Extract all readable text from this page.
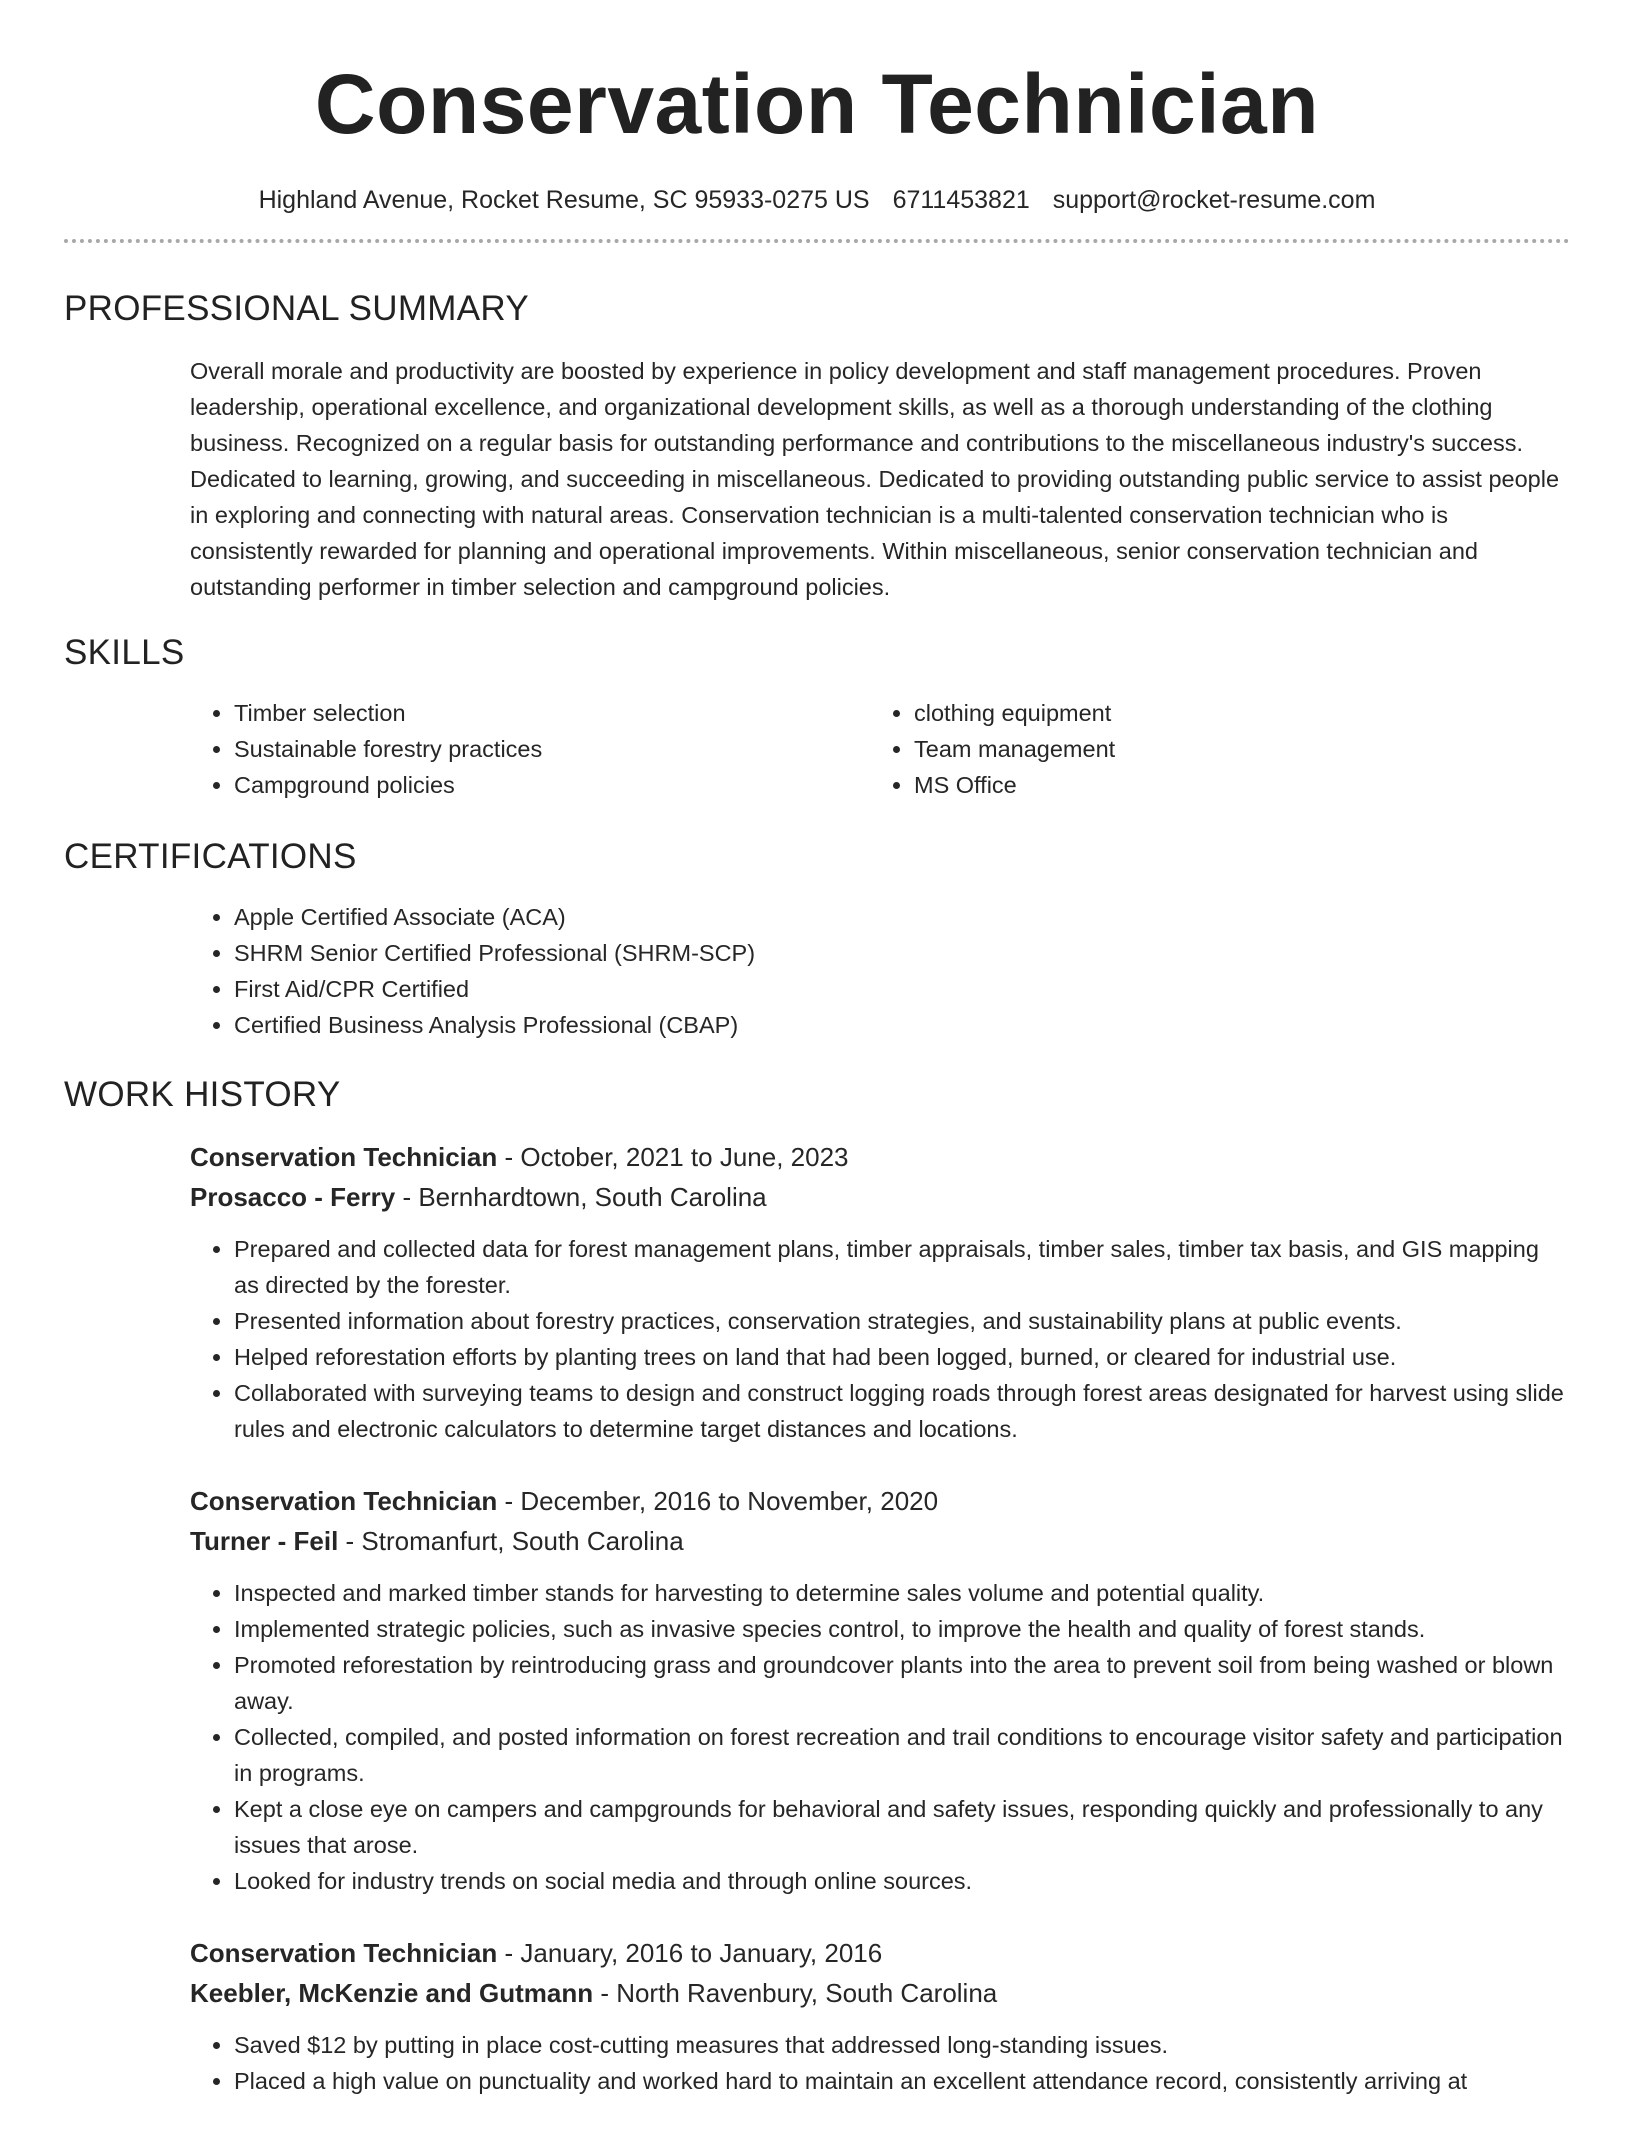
Conservation Technician
Highland Avenue, Rocket Resume, SC 95933-0275 US 6711453821 support@rocket-resume.com
PROFESSIONAL SUMMARY

Overall morale and productivity are boosted by experience in policy development and staff management procedures. Proven leadership, operational excellence, and organizational development skills, as well as a thorough understanding of the clothing business. Recognized on a regular basis for outstanding performance and contributions to the miscellaneous industry's success. Dedicated to learning, growing, and succeeding in miscellaneous. Dedicated to providing outstanding public service to assist people in exploring and connecting with natural areas. Conservation technician is a multi-talented conservation technician who is consistently rewarded for planning and operational improvements. Within miscellaneous, senior conservation technician and outstanding performer in timber selection and campground policies.

SKILLS
• Timber selection
• Sustainable forestry practices
• Campground policies
• clothing equipment
• Team management
• MS Office
CERTIFICATIONS
• Apple Certified Associate (ACA)
• SHRM Senior Certified Professional (SHRM-SCP)
• First Aid/CPR Certified
• Certified Business Analysis Professional (CBAP)
WORK HISTORY
Conservation Technician - October, 2021 to June, 2023
Prosacco - Ferry - Bernhardtown, South Carolina
• Prepared and collected data for forest management plans, timber appraisals, timber sales, timber tax basis, and GIS mapping as directed by the forester.
• Presented information about forestry practices, conservation strategies, and sustainability plans at public events.
• Helped reforestation efforts by planting trees on land that had been logged, burned, or cleared for industrial use.
• Collaborated with surveying teams to design and construct logging roads through forest areas designated for harvest using slide rules and electronic calculators to determine target distances and locations.
Conservation Technician - December, 2016 to November, 2020
Turner - Feil - Stromanfurt, South Carolina
• Inspected and marked timber stands for harvesting to determine sales volume and potential quality.
• Implemented strategic policies, such as invasive species control, to improve the health and quality of forest stands.
• Promoted reforestation by reintroducing grass and groundcover plants into the area to prevent soil from being washed or blown away.
• Collected, compiled, and posted information on forest recreation and trail conditions to encourage visitor safety and participation in programs.
• Kept a close eye on campers and campgrounds for behavioral and safety issues, responding quickly and professionally to any issues that arose.
• Looked for industry trends on social media and through online sources.
Conservation Technician - January, 2016 to January, 2016
Keebler, McKenzie and Gutmann - North Ravenbury, South Carolina
• Saved $12 by putting in place cost-cutting measures that addressed long-standing issues.
• Placed a high value on punctuality and worked hard to maintain an excellent attendance record, consistently arriving at
